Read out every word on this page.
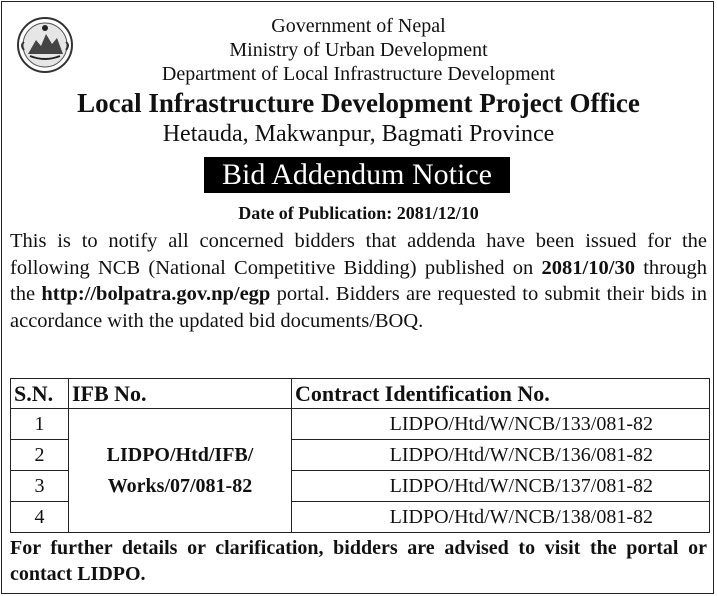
Government of Nepal
Ministry of Urban Development
Department of Local Infrastructure Development
Local Infrastructure Development Project Office
Hetauda, Makwanpur, Bagmati Province
Bid Addendum Notice
Date of Publication: 2081/12/10
This is to notify all concerned bidders that addenda have been issued for the following NCB (National Competitive Bidding) published on 2081/10/30 through the http://bolpatra.gov.np/egp portal. Bidders are requested to submit their bids in accordance with the updated bid documents/BOQ.
S.N.	IFB No.	Contract Identification No.
1	LIDPO/Htd/IFB/ Works/07/081-82	LIDPO/Htd/W/NCB/133/081-82
2		LIDPO/Htd/W/NCB/136/081-82
3		LIDPO/Htd/W/NCB/137/081-82
4		LIDPO/Htd/W/NCB/138/081-82
For further details or clarification, bidders are advised to visit the portal or contact LIDPO.
